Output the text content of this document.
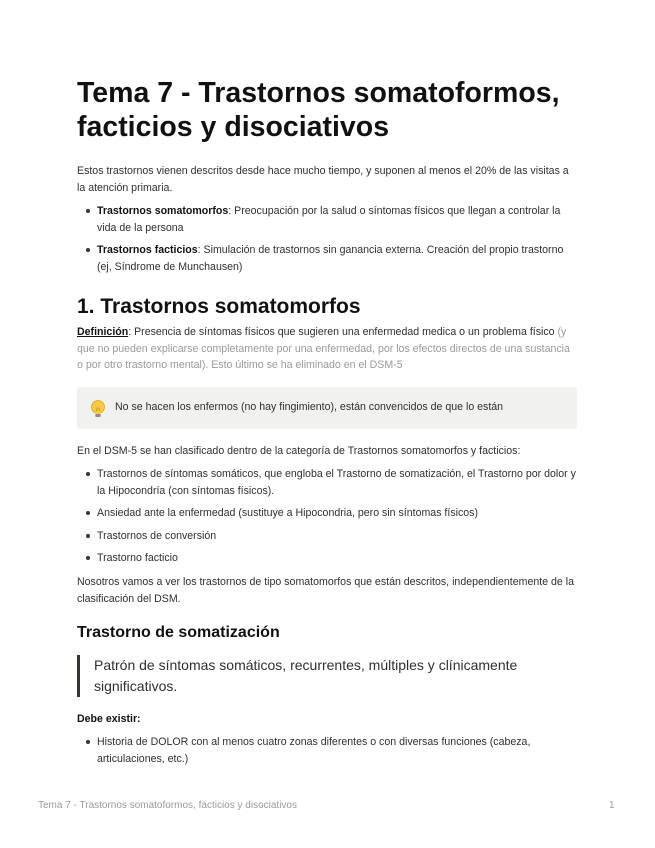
Tema 7 - Trastornos somatoformos, facticios y disociativos

Estos trastornos vienen descritos desde hace mucho tiempo, y suponen al menos el 20% de las visitas a la atención primaria.

Trastornos somatomorfos: Preocupación por la salud o síntomas físicos que llegan a controlar la vida de la persona

Trastornos facticios: Simulación de trastornos sin ganancia externa. Creación del propio trastorno (ej, Síndrome de Munchausen)

1. Trastornos somatomorfos

Definición: Presencia de síntomas físicos que sugieren una enfermedad medica o un problema físico (y que no pueden explicarse completamente por una enfermedad, por los efectos directos de una sustancia o por otro trastorno mental). Esto último se ha eliminado en el DSM-5

No se hacen los enfermos (no hay fingimiento), están convencidos de que lo están

En el DSM-5 se han clasificado dentro de la categoría de Trastornos somatomorfos y facticios:

Trastornos de síntomas somáticos, que engloba el Trastorno de somatización, el Trastorno por dolor y la Hipocondría (con síntomas físicos).

Ansiedad ante la enfermedad (sustituye a Hipocondria, pero sin síntomas físicos)

Trastornos de conversión

Trastorno facticio

Nosotros vamos a ver los trastornos de tipo somatomorfos que están descritos, independientemente de la clasificación del DSM.

Trastorno de somatización

Patrón de síntomas somáticos, recurrentes, múltiples y clínicamente significativos.

Debe existir:

Historia de DOLOR con al menos cuatro zonas diferentes o con diversas funciones (cabeza, articulaciones, etc.)

Tema 7 - Trastornos somatoformos, facticios y disociativos	1
